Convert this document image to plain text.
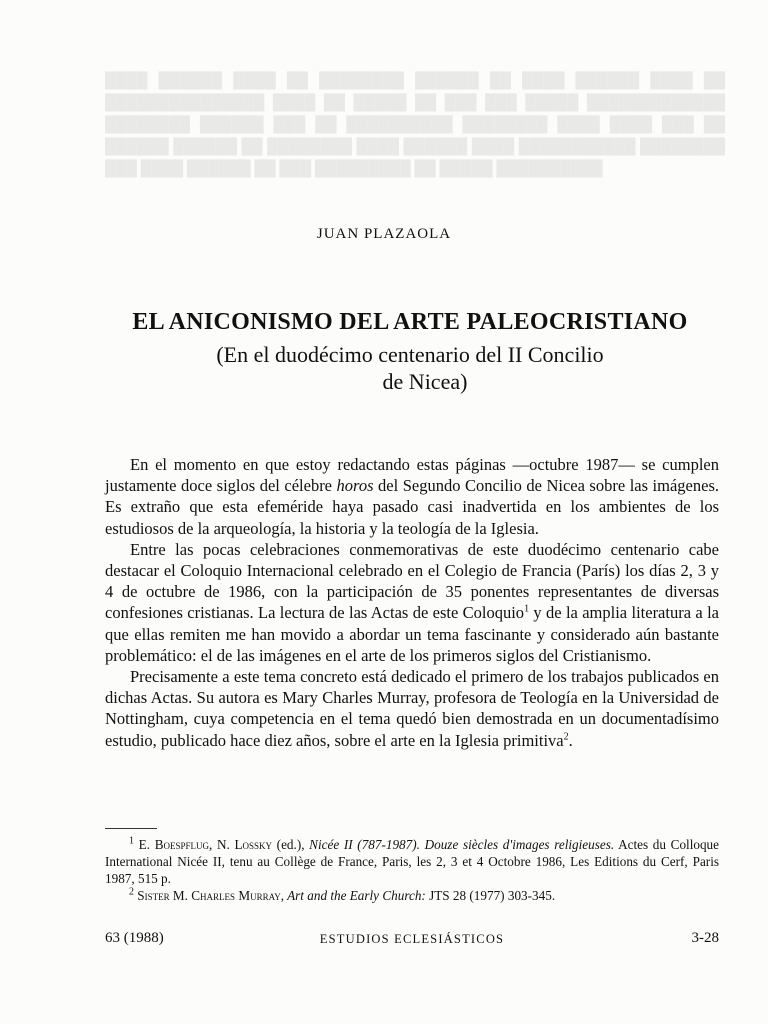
████ ██████ ████ ██ ████████ ██████ ██ ████ ██████ ████ ██ ███████████████ ████ ██ █████ ██ ███ ███ █████ █████████████ ████████ ██████ ███ ██ ██████████ ████████ ████ ████ ███ ██ ██████ ██████ ██ ████████ ████ ██████ ████ ███████████ ████████ ███ ████ ██████ ██ ███ █████████ ██ █████ ██████████

JUAN PLAZAOLA
EL ANICONISMO DEL ARTE PALEOCRISTIANO
(En el duodécimo centenario del II Concilio
de Nicea)

En el momento en que estoy redactando estas páginas —octubre 1987— se cumplen justamente doce siglos del célebre horos del Segundo Concilio de Nicea sobre las imágenes. Es extraño que esta efeméride haya pasado casi inadvertida en los ambientes de los estudiosos de la arqueología, la historia y la teología de la Iglesia.

Entre las pocas celebraciones conmemorativas de este duodécimo centenario cabe destacar el Coloquio Internacional celebrado en el Colegio de Francia (París) los días 2, 3 y 4 de octubre de 1986, con la participación de 35 ponentes representantes de diversas confesiones cristianas. La lectura de las Actas de este Coloquio$^1$ y de la amplia literatura a la que ellas remiten me han movido a abordar un tema fascinante y considerado aún bastante problemático: el de las imágenes en el arte de los primeros siglos del Cristianismo.

Precisamente a este tema concreto está dedicado el primero de los trabajos publicados en dichas Actas. Su autora es Mary Charles Murray, profesora de Teología en la Universidad de Nottingham, cuya competencia en el tema quedó bien demostrada en un documentadísimo estudio, publicado hace diez años, sobre el arte en la Iglesia primitiva$^2$.

$^1$ E. Boespflug, N. Lossky (ed.), Nicée II (787-1987). Douze siècles d'images religieuses. Actes du Colloque International Nicée II, tenu au Collège de France, Paris, les 2, 3 et 4 Octobre 1986, Les Editions du Cerf, Paris 1987, 515 p.

$^2$ Sister M. Charles Murray, Art and the Early Church: JTS 28 (1977) 303-345.

63 (1988)	ESTUDIOS ECLESIÁSTICOS	3-28
